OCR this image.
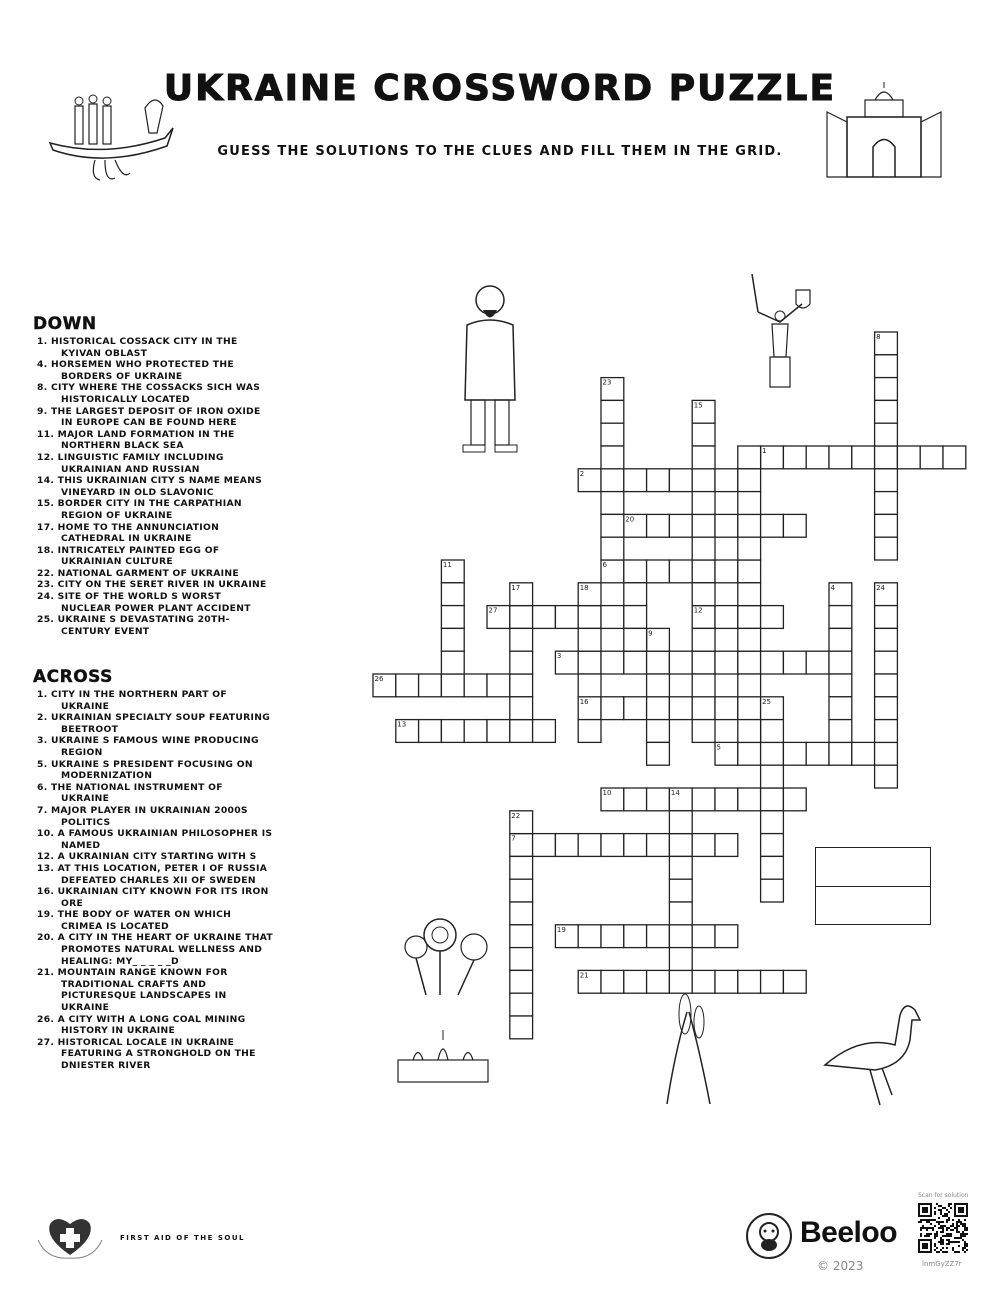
UKRAINE CROSSWORD PUZZLE
GUESS THE SOLUTIONS TO THE CLUES AND FILL THEM IN THE GRID.
DOWN
1. HISTORICAL COSSACK CITY IN THE KYIVAN OBLAST
4. HORSEMEN WHO PROTECTED THE BORDERS OF UKRAINE
8. CITY WHERE THE COSSACKS SICH WAS HISTORICALLY LOCATED
9. THE LARGEST DEPOSIT OF IRON OXIDE IN EUROPE CAN BE FOUND HERE
11. MAJOR LAND FORMATION IN THE NORTHERN BLACK SEA
12. LINGUISTIC FAMILY INCLUDING UKRAINIAN AND RUSSIAN
14. THIS UKRAINIAN CITY S NAME MEANS VINEYARD IN OLD SLAVONIC
15. BORDER CITY IN THE CARPATHIAN REGION OF UKRAINE
17. HOME TO THE ANNUNCIATION CATHEDRAL IN UKRAINE
18. INTRICATELY PAINTED EGG OF UKRAINIAN CULTURE
22. NATIONAL GARMENT OF UKRAINE
23. CITY ON THE SERET RIVER IN UKRAINE
24. SITE OF THE WORLD S WORST NUCLEAR POWER PLANT ACCIDENT
25. UKRAINE S DEVASTATING 20TH-CENTURY EVENT
ACROSS
1. CITY IN THE NORTHERN PART OF UKRAINE
2. UKRAINIAN SPECIALTY SOUP FEATURING BEETROOT
3. UKRAINE S FAMOUS WINE PRODUCING REGION
5. UKRAINE S PRESIDENT FOCUSING ON MODERNIZATION
6. THE NATIONAL INSTRUMENT OF UKRAINE
7. MAJOR PLAYER IN UKRAINIAN 2000S POLITICS
10. A FAMOUS UKRAINIAN PHILOSOPHER IS NAMED
12. A UKRAINIAN CITY STARTING WITH S
13. AT THIS LOCATION, PETER I OF RUSSIA DEFEATED CHARLES XII OF SWEDEN
16. UKRAINIAN CITY KNOWN FOR ITS IRON ORE
19. THE BODY OF WATER ON WHICH CRIMEA IS LOCATED
20. A CITY IN THE HEART OF UKRAINE THAT PROMOTES NATURAL WELLNESS AND HEALING: MY_ _ _ _ _D
21. MOUNTAIN RANGE KNOWN FOR TRADITIONAL CRAFTS AND PICTURESQUE LANDSCAPES IN UKRAINE
26. A CITY WITH A LONG COAL MINING HISTORY IN UKRAINE
27. HISTORICAL LOCALE IN UKRAINE FEATURING A STRONGHOLD ON THE DNIESTER RIVER
1
2
20
6
27	12
3
26
16
13
5
10
7
19
21
8
23
15
11
17	18	4	24
9
25
14
22
FIRST AID OF THE SOUL	Beeloo
© 2023
Scan for solution
lnmGyZZ7r
